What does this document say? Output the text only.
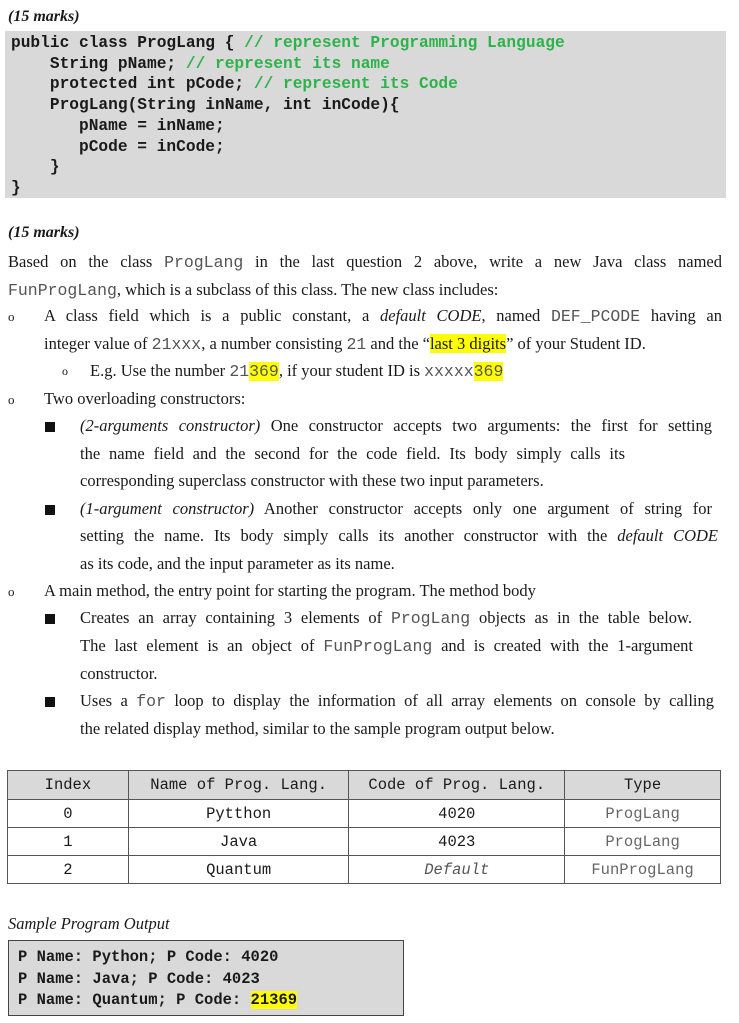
(15 marks)
public class ProgLang { // represent Programming Language
String pName; // represent its name
protected int pCode; // represent its Code
ProgLang(String inName, int inCode){
pName = inName;
pCode = inCode;
}
}
(15 marks)
Based on the class ProgLang in the last question 2 above, write a new Java class named
FunProgLang, which is a subclass of this class. The new class includes:
o A class field which is a public constant, a default CODE, named DEF_PCODE having an
integer value of 21xxx, a number consisting 21 and the “last 3 digits” of your Student ID.
o E.g. Use the number 21369, if your student ID is xxxxx369
o Two overloading constructors:
(2-arguments constructor) One constructor accepts two arguments: the first for setting
the name field and the second for the code field. Its body simply calls its
corresponding superclass constructor with these two input parameters.
(1-argument constructor) Another constructor accepts only one argument of string for
setting the name. Its body simply calls its another constructor with the default CODE
as its code, and the input parameter as its name.
o A main method, the entry point for starting the program. The method body
Creates an array containing 3 elements of ProgLang objects as in the table below.
The last element is an object of FunProgLang and is created with the 1-argument
constructor.
Uses a for loop to display the information of all array elements on console by calling
the related display method, similar to the sample program output below.
Index	Name of Prog. Lang.	Code of Prog. Lang.	Type
0	Pytthon	4020	ProgLang
1	Java	4023	ProgLang
2	Quantum	Default	FunProgLang
Sample Program Output
P Name: Python; P Code: 4020
P Name: Java; P Code: 4023
P Name: Quantum; P Code: 21369
